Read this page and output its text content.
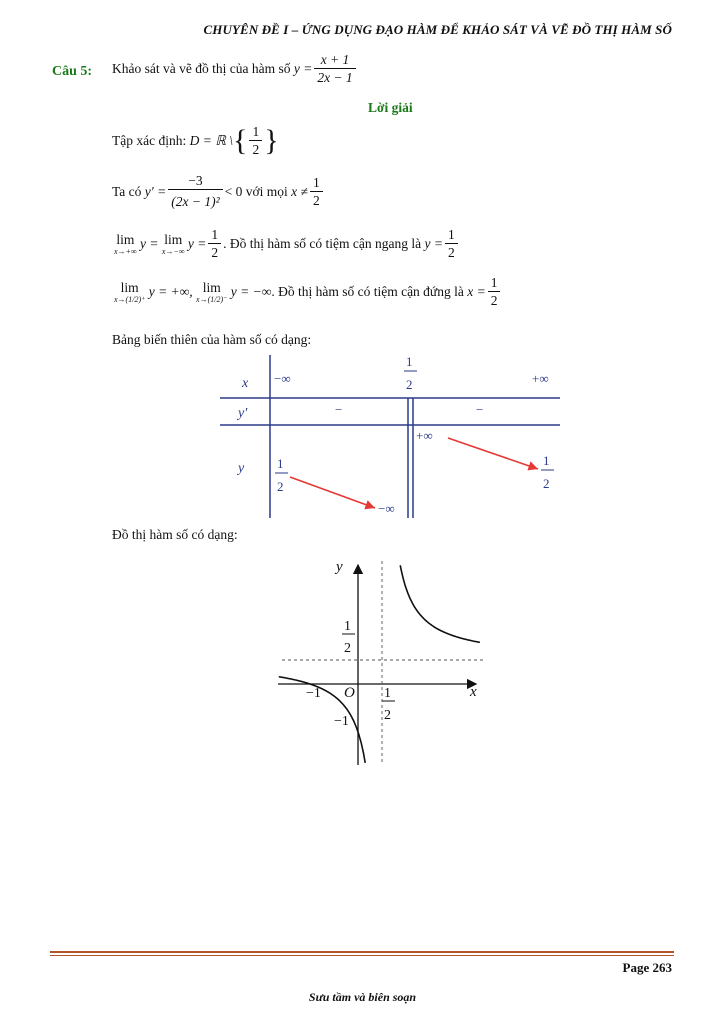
CHUYÊN ĐỀ I – ỨNG DỤNG ĐẠO HÀM ĐỂ KHẢO SÁT VÀ VẼ ĐỒ THỊ HÀM SỐ
Câu 5: Khảo sát và vẽ đồ thị của hàm số
$y = \frac{x + 1}{2x - 1}$
Lời giải
Tập xác định:
D = ℝ \ { $\frac{1}{2}$ }
Ta có
$y' = \frac{-3}{\text{(2x − 1)²}} < 0$
với mọi
$x \ne \frac{1}{2}$
lim
x→+∞
y =
lim
x→−∞
$y = \frac{1}{2}$ . Đồ thị hàm số có tiệm cận ngang là
$y = \frac{1}{2}$
lim
x→(1/2)⁺
y = +∞,
lim
x→(1/2)⁻
y = −∞ . Đồ thị hàm số có tiệm cận đứng là
$x = \frac{1}{2}$
Bảng biến thiên của hàm số có dạng:
x
y′
y
−∞
1
2	+∞
−	−
1
2
−∞
+∞
1
2
Đồ thị hàm số có dạng:
y
x
O
−1
−1
1
2
1
2
Page 263
Sưu tầm và biên soạn
